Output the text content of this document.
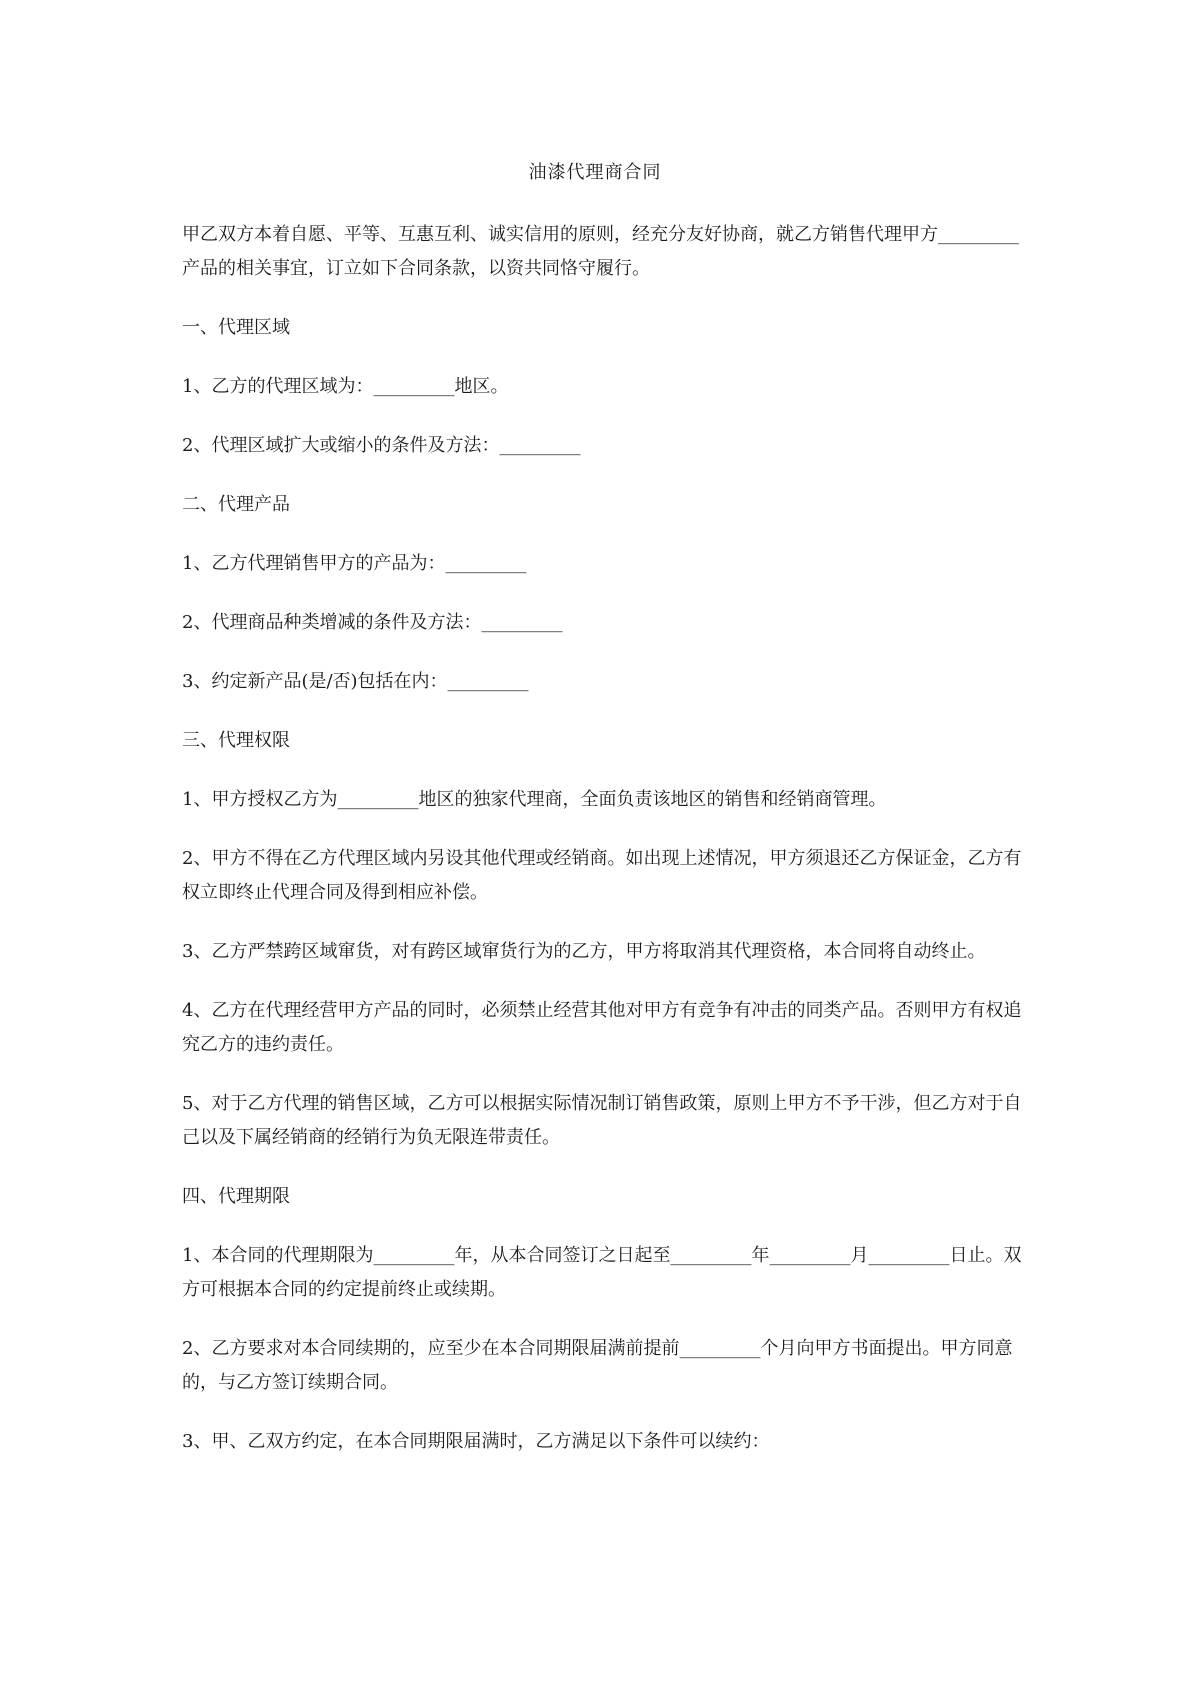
油漆代理商合同

甲乙双方本着自愿、平等、互惠互利、诚实信用的原则，经充分友好协商，就乙方销售代理甲方_________产品的相关事宜，订立如下合同条款，以资共同恪守履行。

一、代理区域

1、乙方的代理区域为：_________地区。

2、代理区域扩大或缩小的条件及方法：_________

二、代理产品

1、乙方代理销售甲方的产品为：_________

2、代理商品种类增减的条件及方法：_________

3、约定新产品(是/否)包括在内：_________

三、代理权限

1、甲方授权乙方为_________地区的独家代理商，全面负责该地区的销售和经销商管理。

2、甲方不得在乙方代理区域内另设其他代理或经销商。如出现上述情况，甲方须退还乙方保证金，乙方有权立即终止代理合同及得到相应补偿。

3、乙方严禁跨区域窜货，对有跨区域窜货行为的乙方，甲方将取消其代理资格，本合同将自动终止。

4、乙方在代理经营甲方产品的同时，必须禁止经营其他对甲方有竞争有冲击的同类产品。否则甲方有权追究乙方的违约责任。

5、对于乙方代理的销售区域，乙方可以根据实际情况制订销售政策，原则上甲方不予干涉，但乙方对于自己以及下属经销商的经销行为负无限连带责任。

四、代理期限

1、本合同的代理期限为_________年，从本合同签订之日起至_________年_________月_________日止。双方可根据本合同的约定提前终止或续期。

2、乙方要求对本合同续期的，应至少在本合同期限届满前提前_________个月向甲方书面提出。甲方同意的，与乙方签订续期合同。

3、甲、乙双方约定，在本合同期限届满时，乙方满足以下条件可以续约：
